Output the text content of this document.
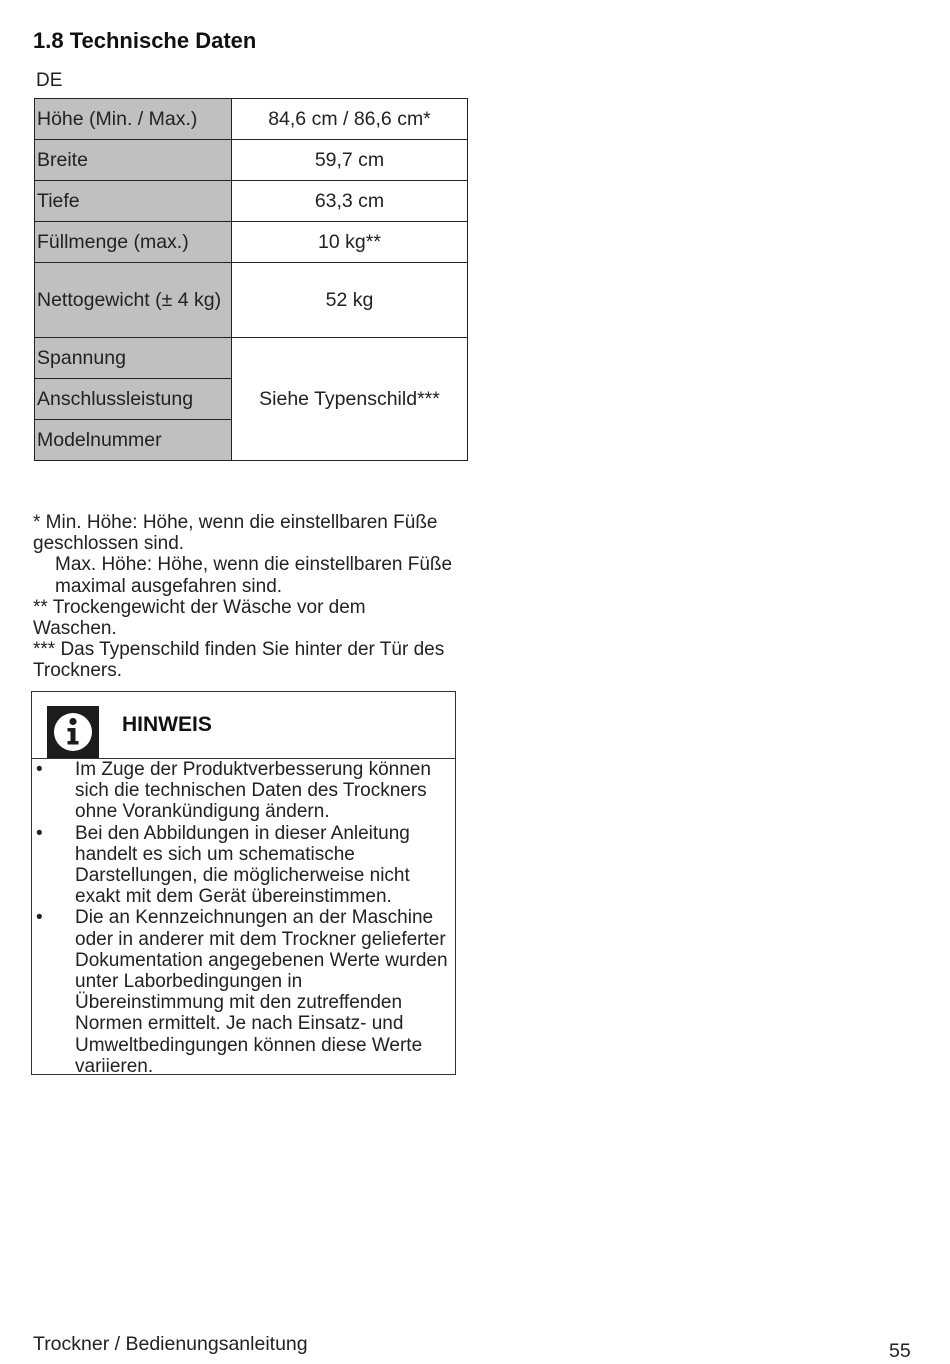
1.8 Technische Daten
DE
Höhe (Min. / Max.)	84,6 cm / 86,6 cm*
Breite	59,7 cm
Tiefe	63,3 cm
Füllmenge (max.)	10 kg**
Nettogewicht (± 4 kg)	52 kg
Spannung	Siehe Typenschild***
Anschlussleistung	
Modelnummer	

* Min. Höhe: Höhe, wenn die einstellbaren Füße geschlossen sind.

Max. Höhe: Höhe, wenn die einstellbaren Füße maximal ausgefahren sind.

** Trockengewicht der Wäsche vor dem Waschen.

*** Das Typenschild finden Sie hinter der Tür des Trockners.

HINWEIS
• Im Zuge der Produktverbesserung können sich die technischen Daten des Trockners ohne Vorankündigung ändern.
• Bei den Abbildungen in dieser Anleitung handelt es sich um schematische Darstellungen, die möglicherweise nicht exakt mit dem Gerät übereinstimmen.
• Die an Kennzeichnungen an der Maschine oder in anderer mit dem Trockner gelieferter Dokumentation angegebenen Werte wurden unter Laborbedingungen in Übereinstimmung mit den zutreffenden Normen ermittelt. Je nach Einsatz- und Umweltbedingungen können diese Werte variieren.
Trockner / Bedienungsanleitung	55
